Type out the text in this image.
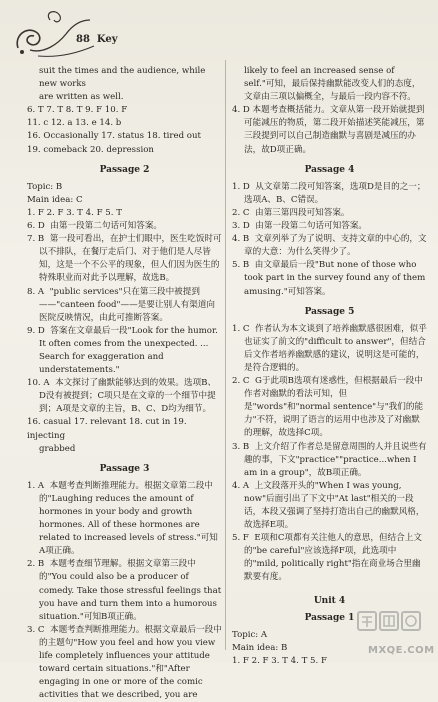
88 Key

suit the times and the audience, while new works

are written as well.

6. T 7. T 8. T 9. F 10. F

11. c 12. a 13. e 14. b

16. Occasionally 17. status 18. tired out

19. comeback 20. depression

Passage 2

Topic: B

Main idea: C

1. F 2. F 3. T 4. F 5. T

6. D 由第一段第二句话可知答案。

7. B 第一段可看出，在护士们眼中，医生吃饭时可以不排队，在餐厅走后门、对于他们是人尽皆知，这是一个不公平的现象，但人们因为医生的特殊职业而对此予以理解，故选B。

8. A "public services"只在第三段中被提到——"canteen food"——是要让别人有渠道向医院反映情况，由此可推断答案。

9. D 答案在文章最后一段"Look for the humor. It often comes from the unexpected. ... Search for exaggeration and understatements."

10. A 本文探讨了幽默能够达到的效果。选项B、D没有被提到；C项只是在文章的一个细节中提到；A项是文章的主旨，B、C、D均为细节。

16. casual 17. relevant 18. cut in 19. injecting

grabbed

Passage 3

1. A 本题考查判断推理能力。根据文章第二段中的"Laughing reduces the amount of hormones in your body and growth hormones. All of these hormones are related to increased levels of stress."可知A项正确。

2. B 本题考查细节理解。根据文章第三段中的"You could also be a producer of comedy. Take those stressful feelings that you have and turn them into a humorous situation."可知B项正确。

3. C 本题考查判断推理能力。根据文章最后一段中的主题句"How you feel and how you view life completely influences your attitude toward certain situations."和"After engaging in one or more of the comic activities that we described, you are

likely to feel an increased sense of self."可知，最后保持幽默能改变人们的态度，文章由三项以偏概全，与最后一段内容不符。

4. D 本题考查概括能力。文章从第一段开始就提到可能减压的物质，第二段开始描述笑能减压，第三段提到可以自己制造幽默与喜剧是减压的办法，故D项正确。

Passage 4

1. D 从文章第二段可知答案，选项D是目的之一；选项A、B、C错误。

2. C 由第三第四段可知答案。

3. D 由第一段第二句话可知答案。

4. B 文章列举了为了说明、支持文章的中心的，文章的大意：为什么笑得少了。

5. B 由文章最后一段"But none of those who took part in the survey found any of them amusing."可知答案。

Passage 5

1. C 作者认为本文谈到了培养幽默感很困难，似乎也证实了前文的"difficult to answer"，但结合后文作者培养幽默感的建议，说明这是可能的，是符合逻辑的。

2. C G于此项B选项有迷惑性，但根据最后一段中作者对幽默的看法可知，但是"words"和"normal sentence"与"我们的能力"不符，说明了语言的运用中也涉及了对幽默的理解，故选择C项。

3. B 上文介绍了作者总是留意周围的人并且说些有趣的事，下文"practice""practice...when I am in a group"，故B项正确。

4. A 上文段落开头的"When I was young, now"后面引出了下文中"At last"相关的一段话，本段又强调了坚持打造出自己的幽默风格，故选择E项。

5. F E项和C项都有关注他人的意思，但结合上文的"be careful"应该选择F项，此选项中的"mild, politically right"指在商业场合里幽默要有度。

Unit 4

Passage 1

Topic: A

Main idea: B

1. F 2. F 3. T 4. T 5. F

MXQE.COM
